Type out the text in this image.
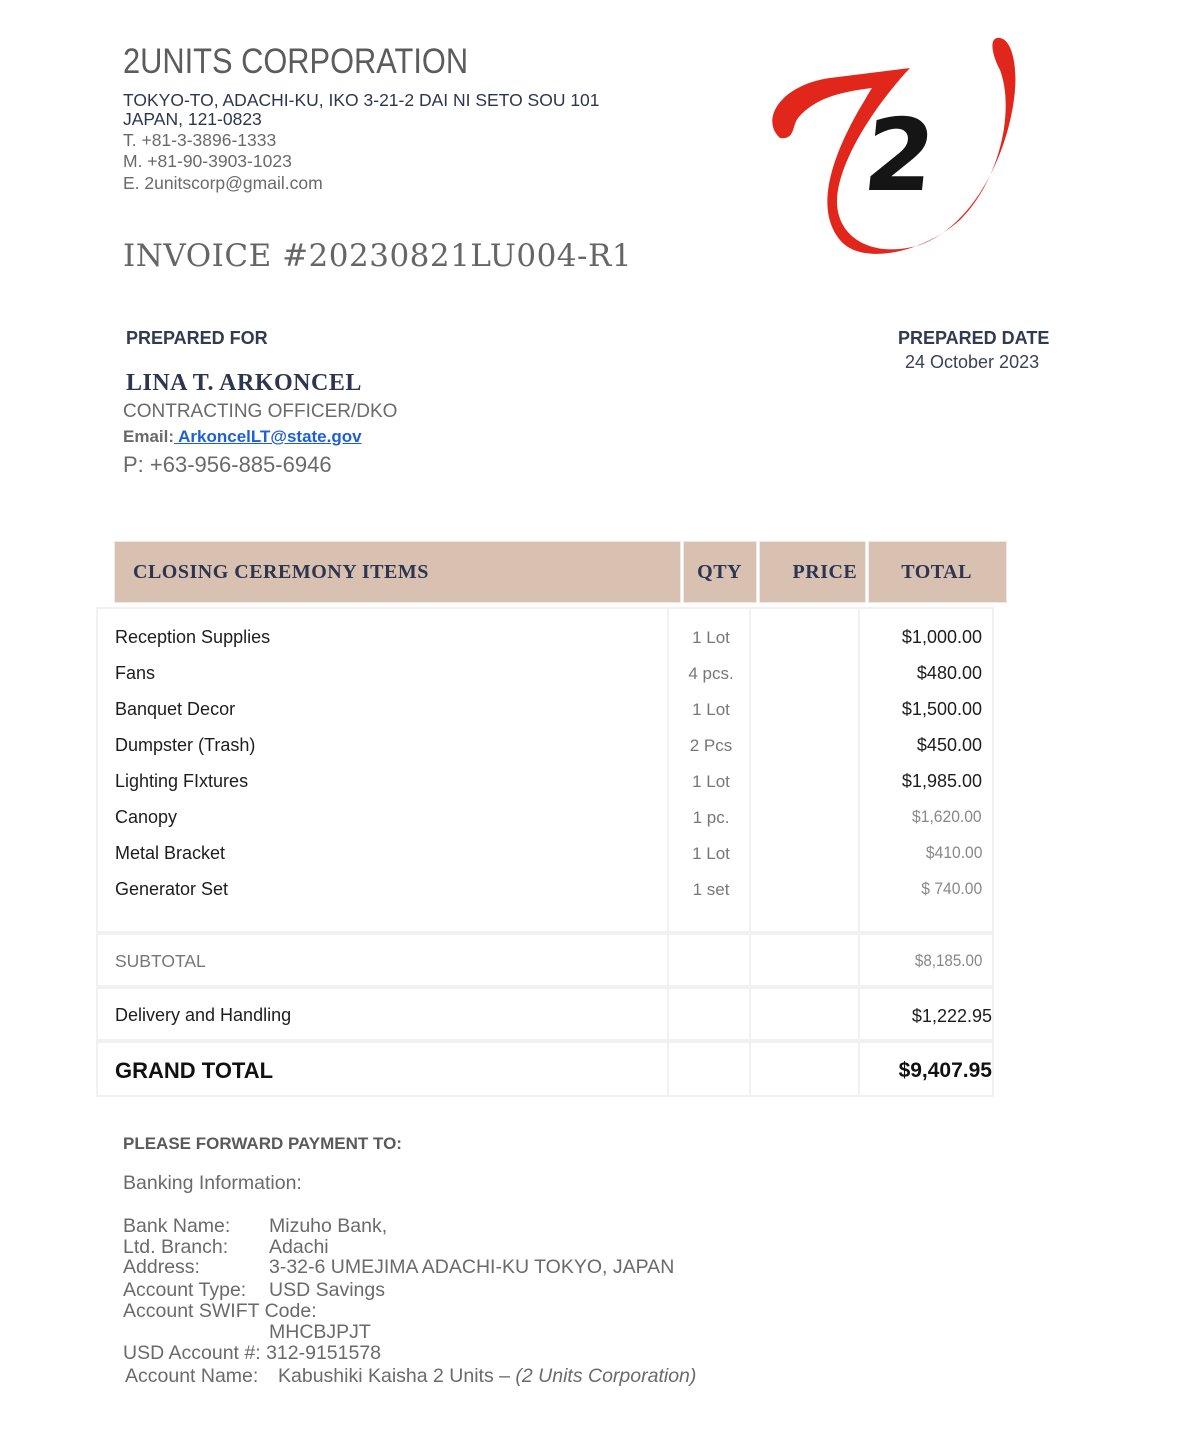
2UNITS CORPORATION
TOKYO-TO, ADACHI-KU, IKO 3-21-2 DAI NI SETO SOU 101
JAPAN, 121-0823
T. +81-3-3896-1333
M. +81-90-3903-1023
E. 2unitscorp@gmail.com	2
INVOICE #20230821LU004-R1
PREPARED FOR	PREPARED DATE
24 October 2023
LINA T. ARKONCEL
CONTRACTING OFFICER/DKO
Email: ArkoncelLT@state.gov
P: +63-956-885-6946
CLOSING CEREMONY ITEMS	QTY	PRICE	TOTAL
Reception Supplies	1 Lot	$1,000.00
Fans	4 pcs.	$480.00
Banquet Decor	1 Lot	$1,500.00
Dumpster (Trash)	2 Pcs	$450.00
Lighting FIxtures	1 Lot	$1,985.00
Canopy	1 pc.	$1,620.00
Metal Bracket	1 Lot	$410.00
Generator Set	1 set	$ 740.00
SUBTOTAL	$8,185.00
Delivery and Handling	$1,222.95
GRAND TOTAL	$9,407.95
PLEASE FORWARD PAYMENT TO:
Banking Information:
Bank Name: Mizuho Bank,
Ltd. Branch: Adachi
Address:	3-32-6 UMEJIMA ADACHI-KU TOKYO, JAPAN
Account Type: USD Savings
Account SWIFT Code:
MHCBJPJT
USD Account #: 312-9151578
Account Name: Kabushiki Kaisha 2 Units – (2 Units Corporation)
